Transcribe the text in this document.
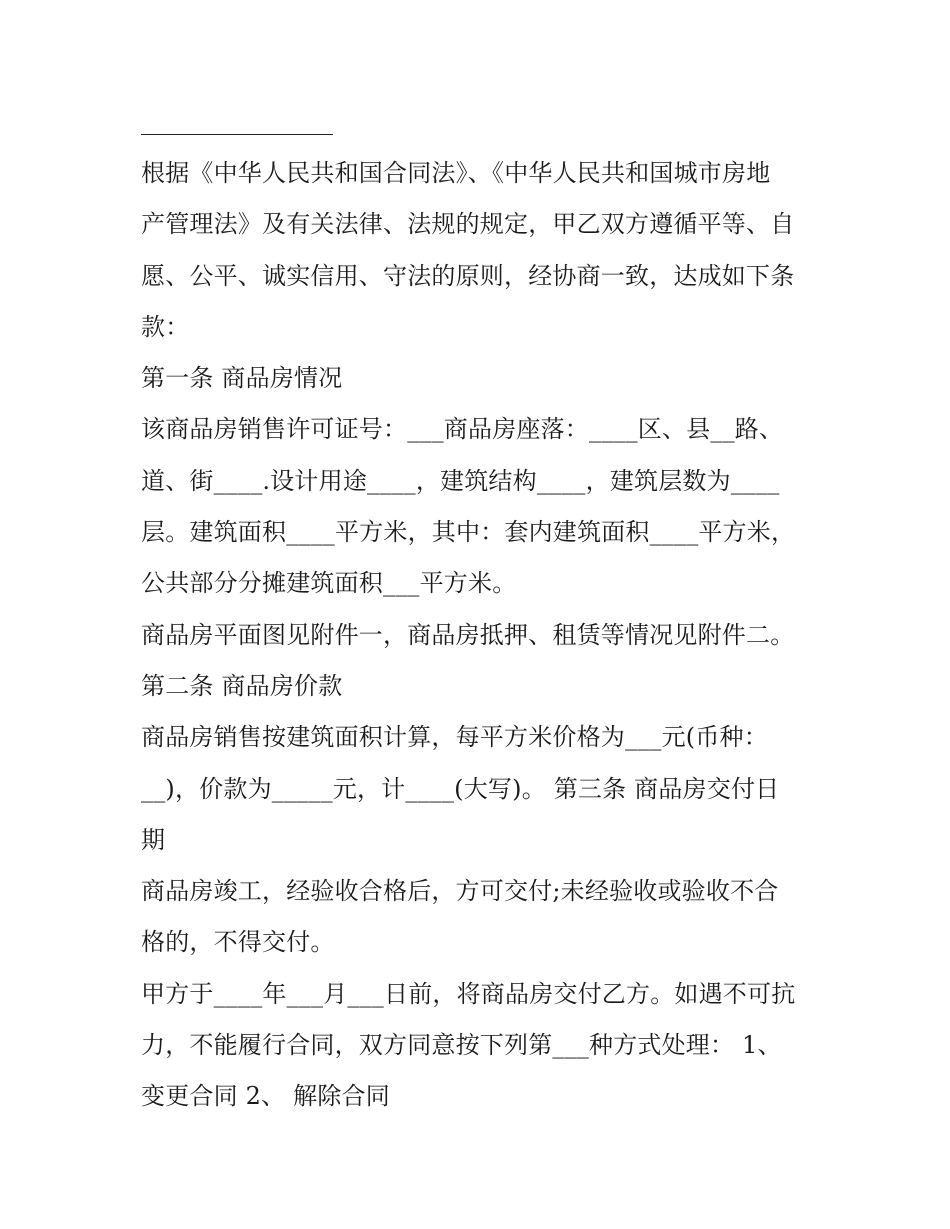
根据《中华人民共和国合同法》、《中华人民共和国城市房地
产管理法》及有关法律、法规的规定，甲乙双方遵循平等、自
愿、公平、诚实信用、守法的原则，经协商一致，达成如下条
款：
第一条 商品房情况
该商品房销售许可证号：___商品房座落：____区、县__路、
道、街____.设计用途____，建筑结构____，建筑层数为____
层。建筑面积____平方米，其中：套内建筑面积____平方米，
公共部分分摊建筑面积___平方米。
商品房平面图见附件一，商品房抵押、租赁等情况见附件二。
第二条 商品房价款
商品房销售按建筑面积计算，每平方米价格为___元(币种：
__)，价款为_____元，计____(大写)。 第三条 商品房交付日
期
商品房竣工，经验收合格后，方可交付;未经验收或验收不合
格的，不得交付。
甲方于____年___月___日前，将商品房交付乙方。如遇不可抗
力，不能履行合同，双方同意按下列第___种方式处理： 1、
变更合同 2、 解除合同
